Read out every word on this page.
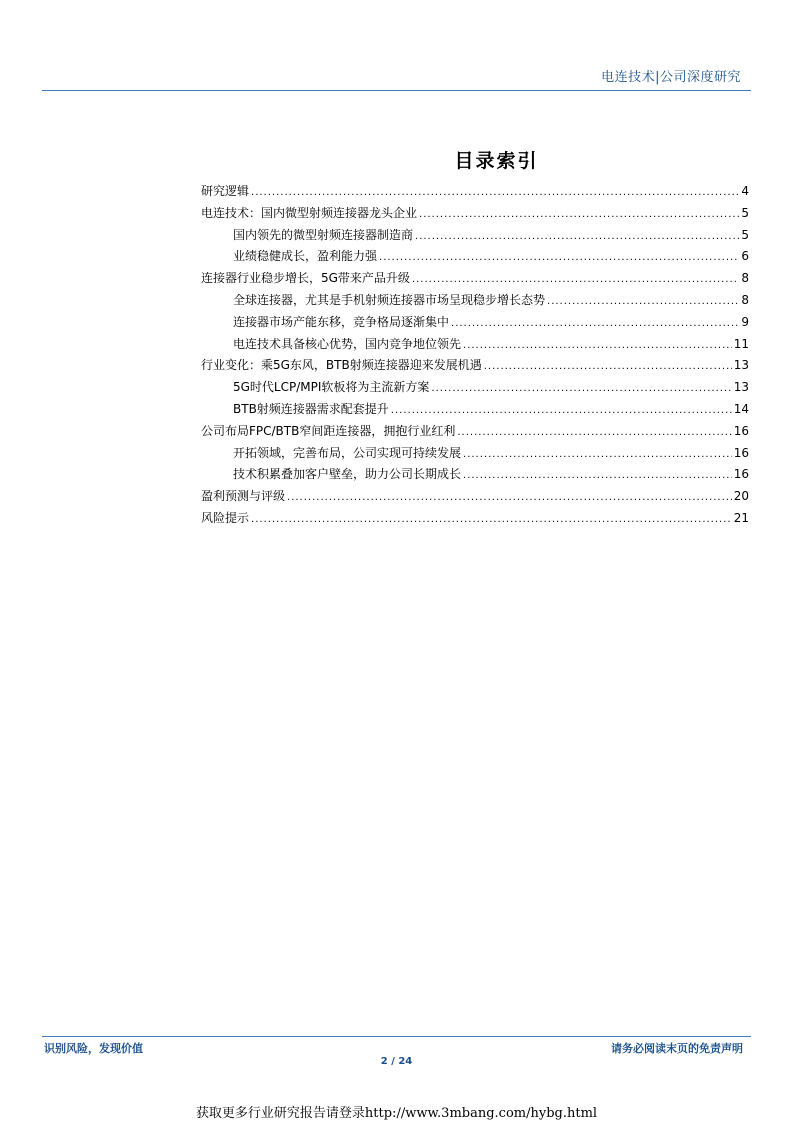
电连技术|公司深度研究
目录索引
研究逻辑 .....	4
电连技术：国内微型射频连接器龙头企业 .....	5
国内领先的微型射频连接器制造商 .....	5
业绩稳健成长，盈利能力强 .....	6
连接器行业稳步增长，5G带来产品升级 .....	8
全球连接器，尤其是手机射频连接器市场呈现稳步增长态势 .....	8
连接器市场产能东移，竞争格局逐渐集中 .....	9
电连技术具备核心优势，国内竞争地位领先 .....	11
行业变化：乘5G东风，BTB射频连接器迎来发展机遇 .....	13
5G时代LCP/MPI软板将为主流新方案 .....	13
BTB射频连接器需求配套提升 .....	14
公司布局FPC/BTB窄间距连接器，拥抱行业红利 .....	16
开拓领域，完善布局，公司实现可持续发展 .....	16
技术积累叠加客户壁垒，助力公司长期成长 .....	16
盈利预测与评级 .....	20
风险提示 .....	21
识别风险，发现价值	请务必阅读末页的免责声明
2 / 24
获取更多行业研究报告请登录http://www.3mbang.com/hybg.html
